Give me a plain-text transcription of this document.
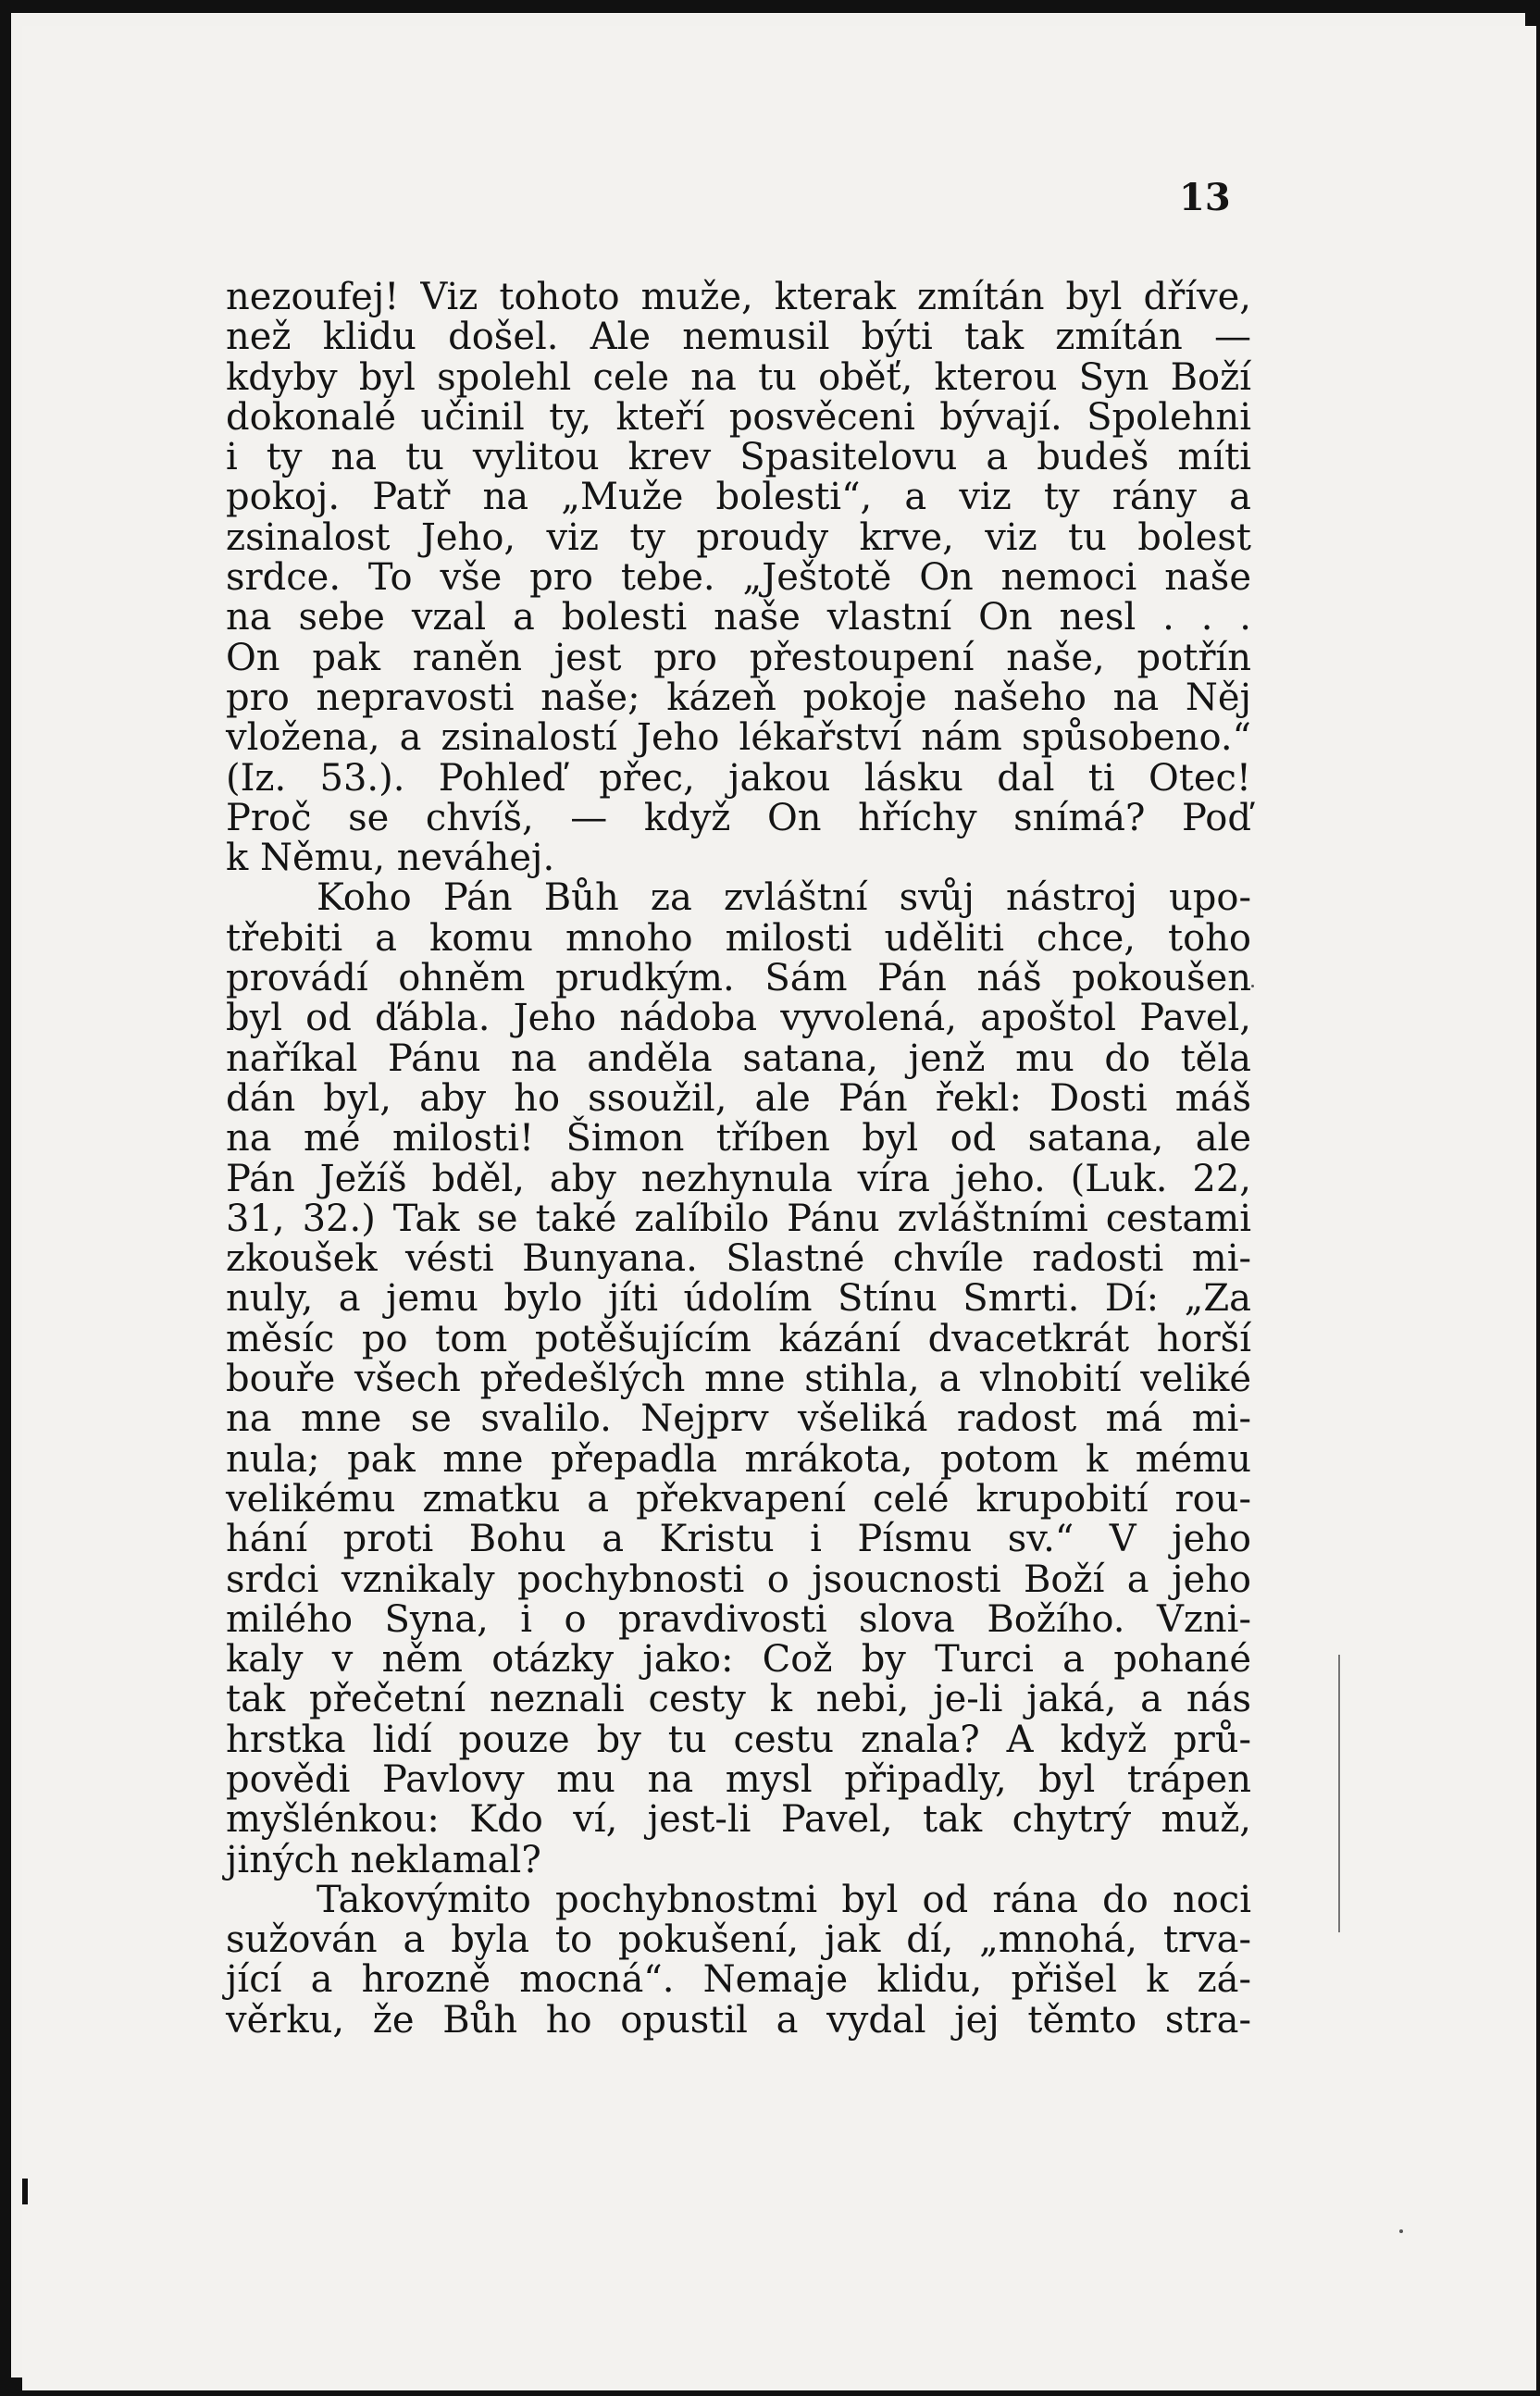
13

nezoufej! Viz tohoto muže, kterak zmítán byl dříve,
než klidu došel. Ale nemusil býti tak zmítán —
kdyby byl spolehl cele na tu oběť, kterou Syn Boží
dokonalé učinil ty, kteří posvěceni bývají. Spolehni
i ty na tu vylitou krev Spasitelovu a budeš míti
pokoj. Patř na „Muže bolesti“, a viz ty rány a
zsinalost Jeho, viz ty proudy krve, viz tu bolest
srdce. To vše pro tebe. „Ještotě On nemoci naše
na sebe vzal a bolesti naše vlastní On nesl . . .
On pak raněn jest pro přestoupení naše, potřín
pro nepravosti naše; kázeň pokoje našeho na Něj
vložena, a zsinalostí Jeho lékařství nám spůsobeno.“
(Iz. 53.). Pohleď přec, jakou lásku dal ti Otec!
Proč se chvíš, — když On hříchy snímá? Poď
k Němu, neváhej.
Koho Pán Bůh za zvláštní svůj nástroj upo-
třebiti a komu mnoho milosti uděliti chce, toho
provádí ohněm prudkým. Sám Pán náš pokoušen
byl od ďábla. Jeho nádoba vyvolená, apoštol Pavel,
naříkal Pánu na anděla satana, jenž mu do těla
dán byl, aby ho ssoužil, ale Pán řekl: Dosti máš
na mé milosti! Šimon tříben byl od satana, ale
Pán Ježíš bděl, aby nezhynula víra jeho. (Luk. 22,
31, 32.) Tak se také zalíbilo Pánu zvláštními cestami
zkoušek vésti Bunyana. Slastné chvíle radosti mi-
nuly, a jemu bylo jíti údolím Stínu Smrti. Dí: „Za
měsíc po tom potěšujícím kázání dvacetkrát horší
bouře všech předešlých mne stihla, a vlnobití veliké
na mne se svalilo. Nejprv všeliká radost má mi-
nula; pak mne přepadla mrákota, potom k mému
velikému zmatku a překvapení celé krupobití rou-
hání proti Bohu a Kristu i Písmu sv.“ V jeho
srdci vznikaly pochybnosti o jsoucnosti Boží a jeho
milého Syna, i o pravdivosti slova Božího. Vzni-
kaly v něm otázky jako: Což by Turci a pohané
tak přečetní neznali cesty k nebi, je-li jaká, a nás
hrstka lidí pouze by tu cestu znala? A když prů-
povědi Pavlovy mu na mysl připadly, byl trápen
myšlénkou: Kdo ví, jest-li Pavel, tak chytrý muž,
jiných neklamal?
Takovýmito pochybnostmi byl od rána do noci
sužován a byla to pokušení, jak dí, „mnohá, trva-
jící a hrozně mocná“. Nemaje klidu, přišel k zá-
věrku, že Bůh ho opustil a vydal jej těmto stra-
